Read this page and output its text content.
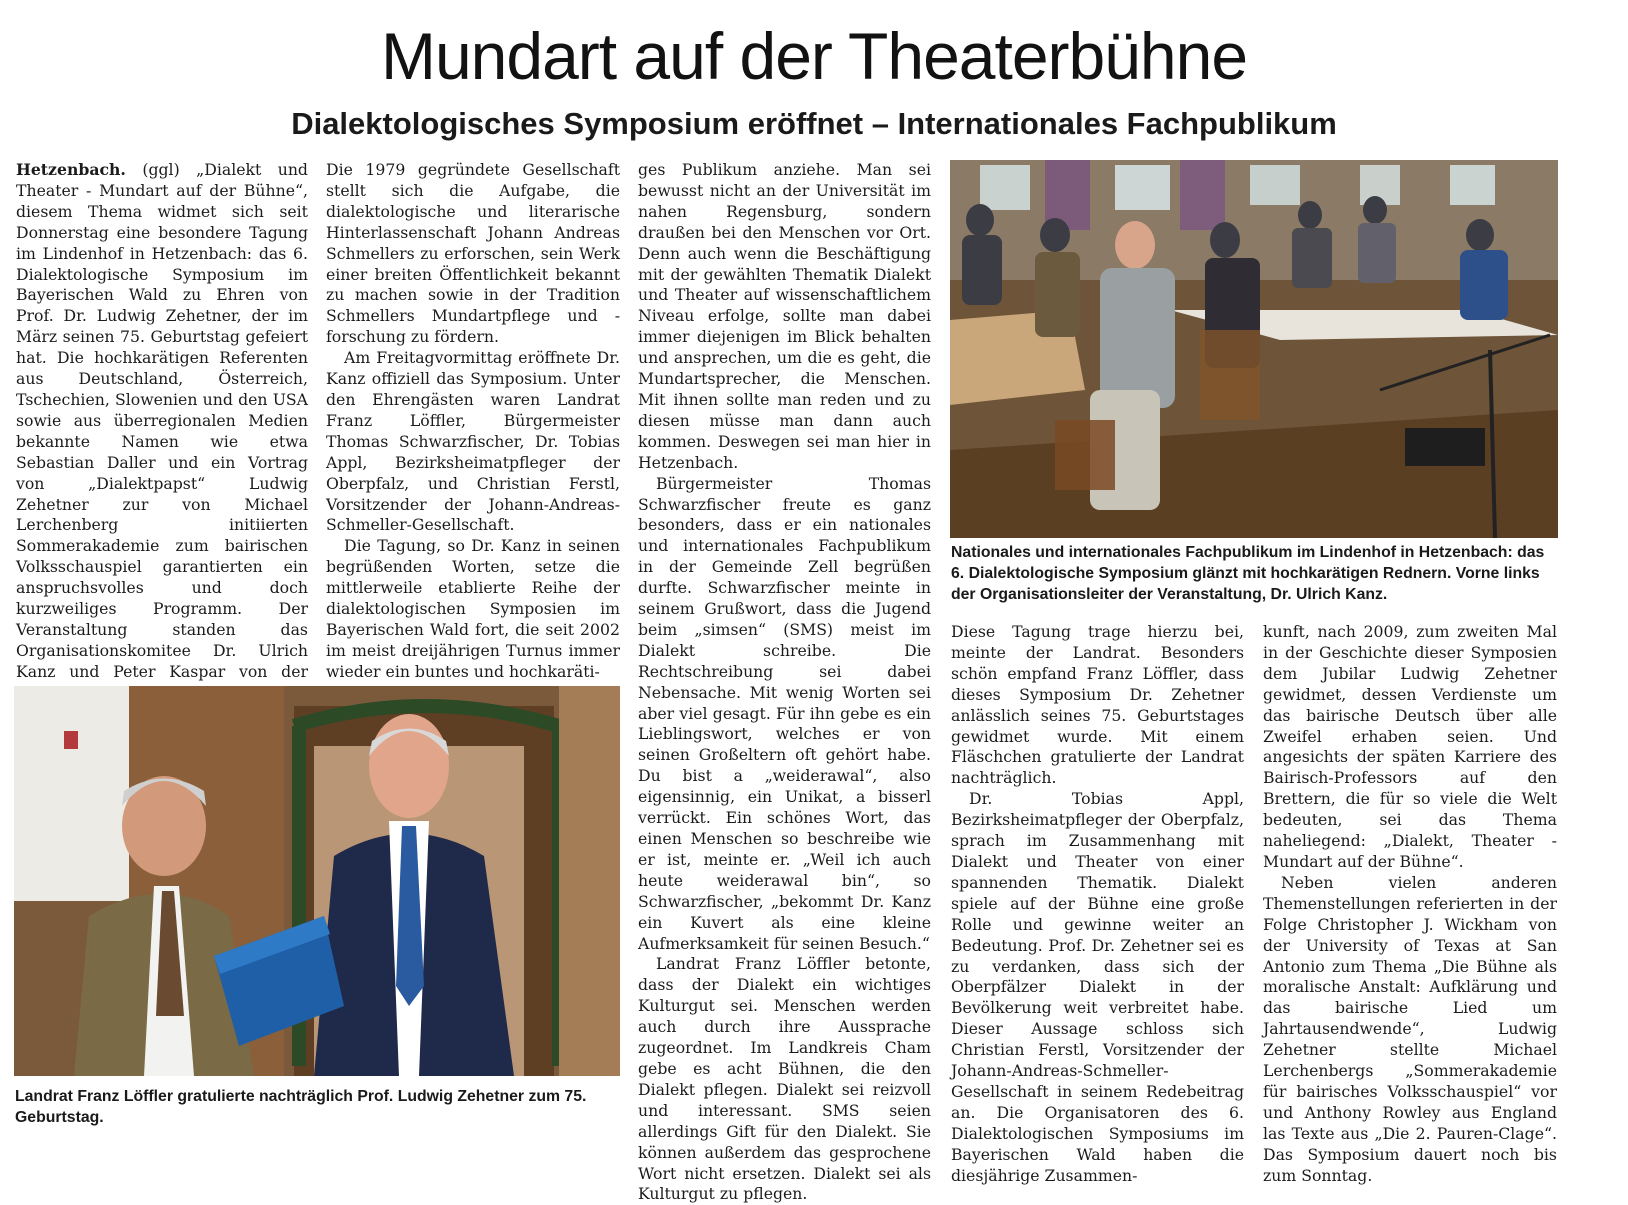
Mundart auf der Theaterbühne
Dialektologisches Symposium eröffnet – Internationales Fachpublikum

Hetzenbach. (ggl) „Dialekt und Theater - Mundart auf der Bühne“, diesem Thema widmet sich seit Donnerstag eine besondere Tagung im Lindenhof in Hetzenbach: das 6. Dialektologische Symposium im Bayerischen Wald zu Ehren von Prof. Dr. Ludwig Zehetner, der im März seinen 75. Geburtstag gefeiert hat. Die hochkarätigen Referenten aus Deutschland, Österreich, Tschechien, Slowenien und den USA sowie aus überregionalen Medien bekannte Namen wie etwa Sebastian Daller und ein Vortrag von „Dialektpapst“ Ludwig Zehetner zur von Michael Lerchenberg initiierten Sommerakademie zum bairischen Volksschauspiel garantierten ein anspruchsvolles und doch kurzweiliges Programm. Der Veranstaltung standen das Organisationskomitee Dr. Ulrich Kanz und Peter Kaspar von der

Die 1979 gegründete Gesellschaft stellt sich die Aufgabe, die dialektologische und literarische Hinterlassenschaft Johann Andreas Schmellers zu erforschen, sein Werk einer breiten Öffentlichkeit bekannt zu machen sowie in der Tradition Schmellers Mundartpflege und -forschung zu fördern.

Am Freitagvormittag eröffnete Dr. Kanz offiziell das Symposium. Unter den Ehrengästen waren Landrat Franz Löffler, Bürgermeister Thomas Schwarzfischer, Dr. Tobias Appl, Bezirksheimatpfleger der Oberpfalz, und Christian Ferstl, Vorsitzender der Johann-Andreas-Schmeller-Gesellschaft.

Die Tagung, so Dr. Kanz in seinen begrüßenden Worten, setze die mittlerweile etablierte Reihe der dialektologischen Symposien im Bayerischen Wald fort, die seit 2002 im meist dreijährigen Turnus immer wieder ein buntes und hochkaräti-

ges Publikum anziehe. Man sei bewusst nicht an der Universität im nahen Regensburg, sondern draußen bei den Menschen vor Ort. Denn auch wenn die Beschäftigung mit der gewählten Thematik Dialekt und Theater auf wissenschaftlichem Niveau erfolge, sollte man dabei immer diejenigen im Blick behalten und ansprechen, um die es geht, die Mundartsprecher, die Menschen. Mit ihnen sollte man reden und zu diesen müsse man dann auch kommen. Deswegen sei man hier in Hetzenbach.

Bürgermeister Thomas Schwarzfischer freute es ganz besonders, dass er ein nationales und internationales Fachpublikum in der Gemeinde Zell begrüßen durfte. Schwarzfischer meinte in seinem Grußwort, dass die Jugend beim „simsen“ (SMS) meist im Dialekt schreibe. Die Rechtschreibung sei dabei Nebensache. Mit wenig Worten sei aber viel gesagt. Für ihn gebe es ein Lieblingswort, welches er von seinen Großeltern oft gehört habe. Du bist a „weiderawal“, also eigensinnig, ein Unikat, a bisserl verrückt. Ein schönes Wort, das einen Menschen so beschreibe wie er ist, meinte er. „Weil ich auch heute weiderawal bin“, so Schwarzfischer, „bekommt Dr. Kanz ein Kuvert als eine kleine Aufmerksamkeit für seinen Besuch.“

Landrat Franz Löffler betonte, dass der Dialekt ein wichtiges Kulturgut sei. Menschen werden auch durch ihre Aussprache zugeordnet. Im Landkreis Cham gebe es acht Bühnen, die den Dialekt pflegen. Dialekt sei reizvoll und interessant. SMS seien allerdings Gift für den Dialekt. Sie können außerdem das gesprochene Wort nicht ersetzen. Dialekt sei als Kulturgut zu pflegen.

Diese Tagung trage hierzu bei, meinte der Landrat. Besonders schön empfand Franz Löffler, dass dieses Symposium Dr. Zehetner anlässlich seines 75. Geburtstages gewidmet wurde. Mit einem Fläschchen gratulierte der Landrat nachträglich.

Dr. Tobias Appl, Bezirksheimatpfleger der Oberpfalz, sprach im Zusammenhang mit Dialekt und Theater von einer spannenden Thematik. Dialekt spiele auf der Bühne eine große Rolle und gewinne weiter an Bedeutung. Prof. Dr. Zehetner sei es zu verdanken, dass sich der Oberpfälzer Dialekt in der Bevölkerung weit verbreitet habe. Dieser Aussage schloss sich Christian Ferstl, Vorsitzender der Johann-Andreas-Schmeller-Gesellschaft in seinem Redebeitrag an. Die Organisatoren des 6. Dialektologischen Symposiums im Bayerischen Wald haben die diesjährige Zusammen-

kunft, nach 2009, zum zweiten Mal in der Geschichte dieser Symposien dem Jubilar Ludwig Zehetner gewidmet, dessen Verdienste um das bairische Deutsch über alle Zweifel erhaben seien. Und angesichts der späten Karriere des Bairisch-Professors auf den Brettern, die für so viele die Welt bedeuten, sei das Thema naheliegend: „Dialekt, Theater - Mundart auf der Bühne“.

Neben vielen anderen Themenstellungen referierten in der Folge Christopher J. Wickham von der University of Texas at San Antonio zum Thema „Die Bühne als moralische Anstalt: Aufklärung und das bairische Lied um Jahrtausendwende“, Ludwig Zehetner stellte Michael Lerchenbergs „Sommerakademie für bairisches Volksschauspiel“ vor und Anthony Rowley aus England las Texte aus „Die 2. Pauren-Clage“. Das Symposium dauert noch bis zum Sonntag.

Nationales und internationales Fachpublikum im Lindenhof in Hetzenbach: das 6. Dialektologische Symposium glänzt mit hochkarätigen Rednern. Vorne links der Organisationsleiter der Veranstaltung, Dr. Ulrich Kanz.
Landrat Franz Löffler gratulierte nachträglich Prof. Ludwig Zehetner zum 75. Geburtstag.
